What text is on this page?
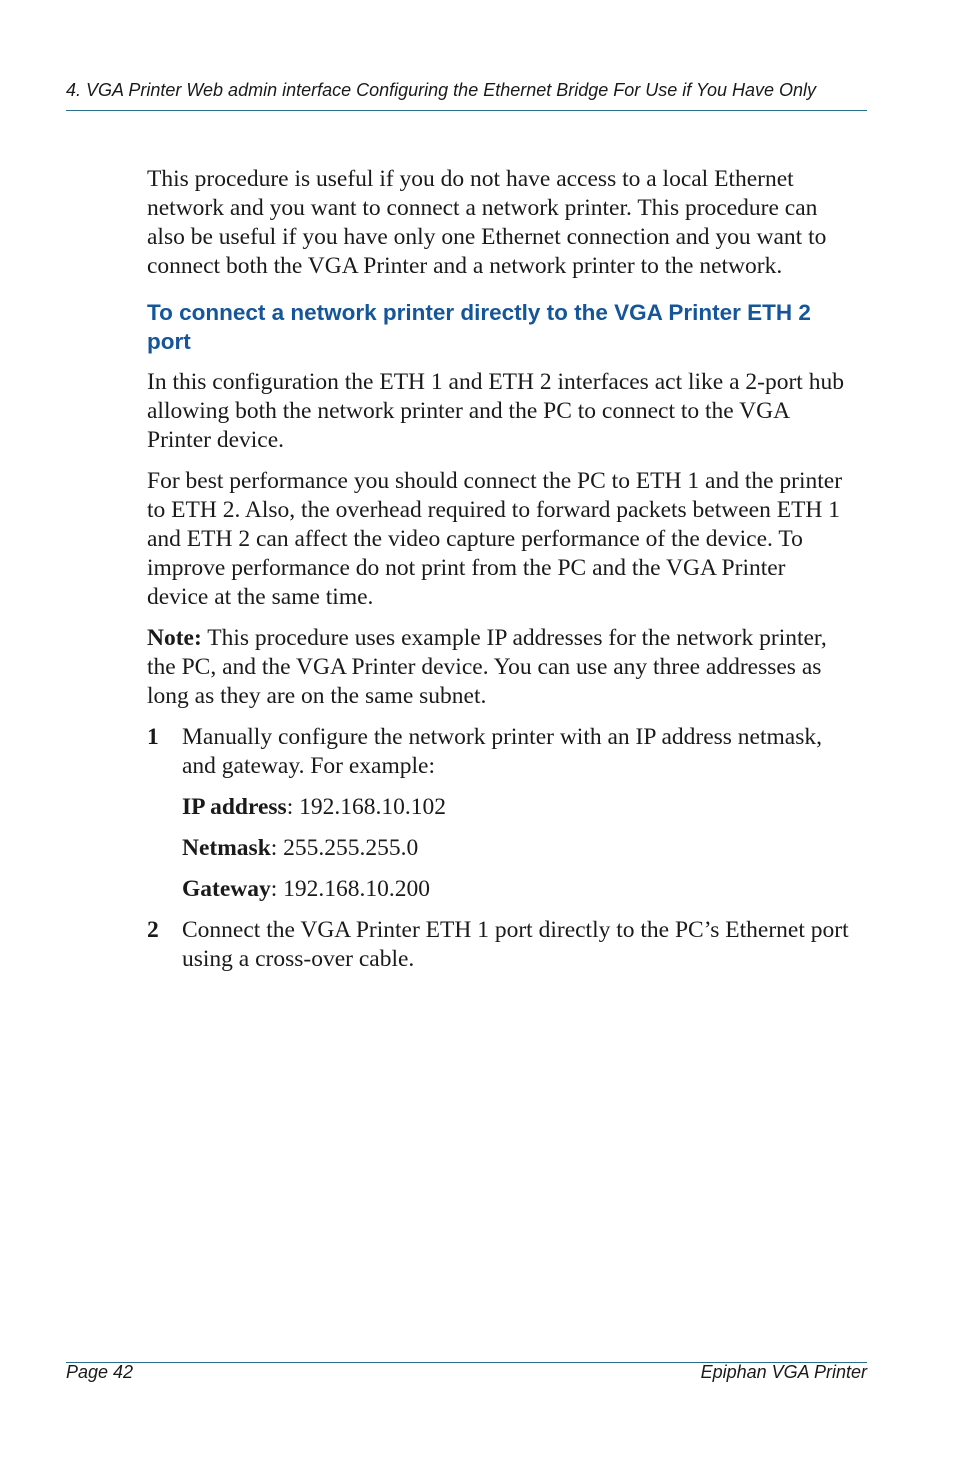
4. VGA Printer Web admin interface Configuring the Ethernet Bridge For Use if You Have Only

This procedure is useful if you do not have access to a local Ethernet network and you want to connect a network printer. This procedure can also be useful if you have only one Ethernet connection and you want to connect both the VGA Printer and a network printer to the network.

To connect a network printer directly to the VGA Printer ETH 2 port

In this configuration the ETH 1 and ETH 2 interfaces act like a 2-port hub allowing both the network printer and the PC to connect to the VGA Printer device.

For best performance you should connect the PC to ETH 1 and the printer to ETH 2. Also, the overhead required to forward packets between ETH 1 and ETH 2 can affect the video capture performance of the device. To improve performance do not print from the PC and the VGA Printer device at the same time.

Note: This procedure uses example IP addresses for the network printer, the PC, and the VGA Printer device. You can use any three addresses as long as they are on the same subnet.

1 Manually configure the network printer with an IP address netmask, and gateway. For example:
IP address: 192.168.10.102
Netmask: 255.255.255.0
Gateway: 192.168.10.200
2 Connect the VGA Printer ETH 1 port directly to the PC’s Ethernet port using a cross-over cable.
Page 42	Epiphan VGA Printer
